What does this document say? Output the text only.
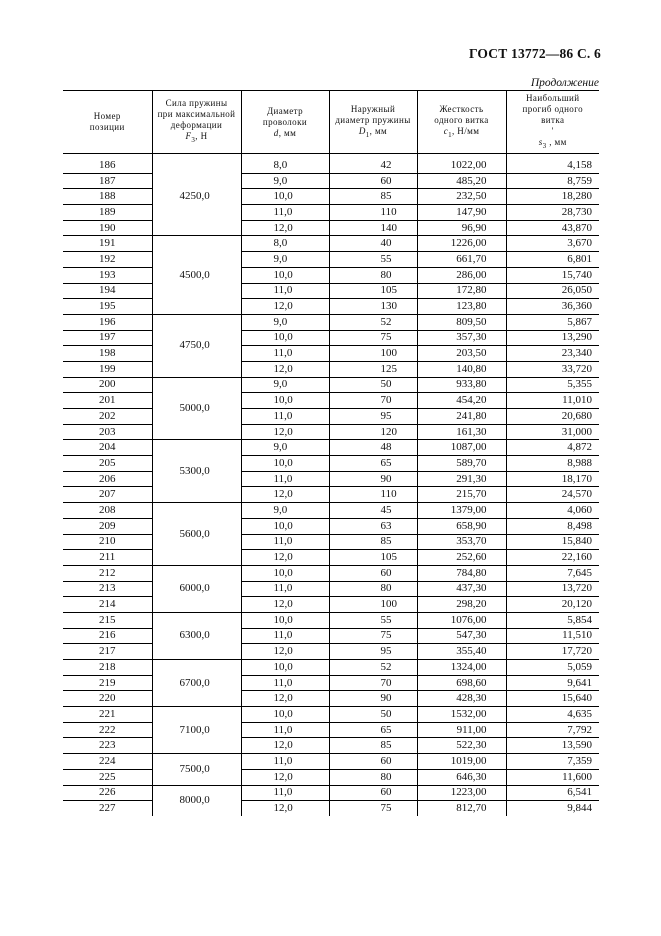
ГОСТ 13772—86 С. 6
Продолжение
Номер
позиции	Сила пружины
при максимальной
деформации
$F_3$, Н	Диаметр
проволоки
d, мм	Наружный
диаметр пружины
$D_1$, мм	Жесткость
одного витка
$c_1$, Н/мм	Наибольший
прогиб одного
витка
'
$s_3$ , мм

186	4250,0	8,0	42	1022,00	4,158
187		9,0	60	485,20	8,759
188		10,0	85	232,50	18,280
189		11,0	110	147,90	28,730
190		12,0	140	96,90	43,870
191	4500,0	8,0	40	1226,00	3,670
192		9,0	55	661,70	6,801
193		10,0	80	286,00	15,740
194		11,0	105	172,80	26,050
195		12,0	130	123,80	36,360
196	4750,0	9,0	52	809,50	5,867
197		10,0	75	357,30	13,290
198		11,0	100	203,50	23,340
199		12,0	125	140,80	33,720
200	5000,0	9,0	50	933,80	5,355
201		10,0	70	454,20	11,010
202		11,0	95	241,80	20,680
203		12,0	120	161,30	31,000
204	5300,0	9,0	48	1087,00	4,872
205		10,0	65	589,70	8,988
206		11,0	90	291,30	18,170
207		12,0	110	215,70	24,570
208	5600,0	9,0	45	1379,00	4,060
209		10,0	63	658,90	8,498
210		11,0	85	353,70	15,840
211		12,0	105	252,60	22,160
212	6000,0	10,0	60	784,80	7,645
213		11,0	80	437,30	13,720
214		12,0	100	298,20	20,120
215	6300,0	10,0	55	1076,00	5,854
216		11,0	75	547,30	11,510
217		12,0	95	355,40	17,720
218	6700,0	10,0	52	1324,00	5,059
219		11,0	70	698,60	9,641
220		12,0	90	428,30	15,640
221	7100,0	10,0	50	1532,00	4,635
222		11,0	65	911,00	7,792
223		12,0	85	522,30	13,590
224	7500,0	11,0	60	1019,00	7,359
225		12,0	80	646,30	11,600
226	8000,0	11,0	60	1223,00	6,541
227		12,0	75	812,70	9,844
